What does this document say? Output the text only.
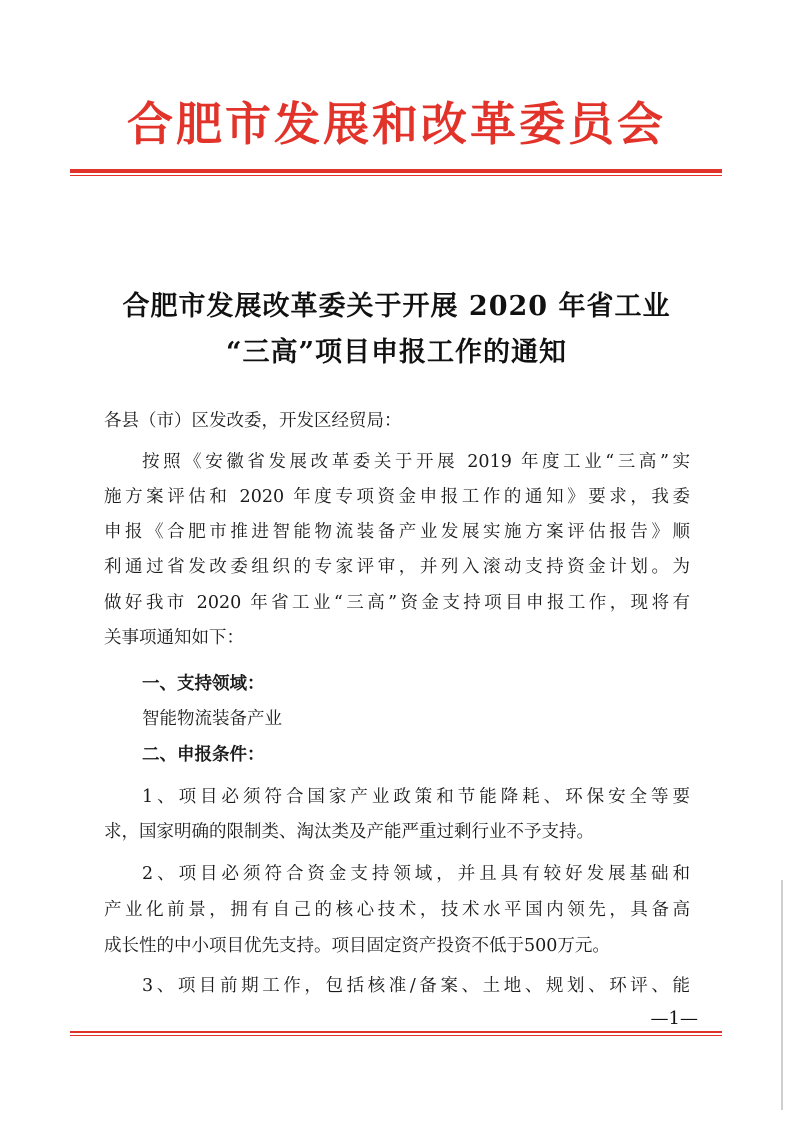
合肥市发展和改革委员会
合肥市发展改革委关于开展 2020 年省工业
“三高”项目申报工作的通知

各县（市）区发改委，开发区经贸局：

按照《安徽省发展改革委关于开展 2019 年度工业“三高”实

施方案评估和 2020 年度专项资金申报工作的通知》要求，我委

申报《合肥市推进智能物流装备产业发展实施方案评估报告》顺

利通过省发改委组织的专家评审，并列入滚动支持资金计划。为

做好我市 2020 年省工业“三高”资金支持项目申报工作，现将有

关事项通知如下：

一、支持领域：

智能物流装备产业

二、申报条件：

1、项目必须符合国家产业政策和节能降耗、环保安全等要

求，国家明确的限制类、淘汰类及产能严重过剩行业不予支持。

2、项目必须符合资金支持领域，并且具有较好发展基础和

产业化前景，拥有自己的核心技术，技术水平国内领先，具备高

成长性的中小项目优先支持。项目固定资产投资不低于500万元。

3、项目前期工作，包括核准/备案、土地、规划、环评、能

—1—
